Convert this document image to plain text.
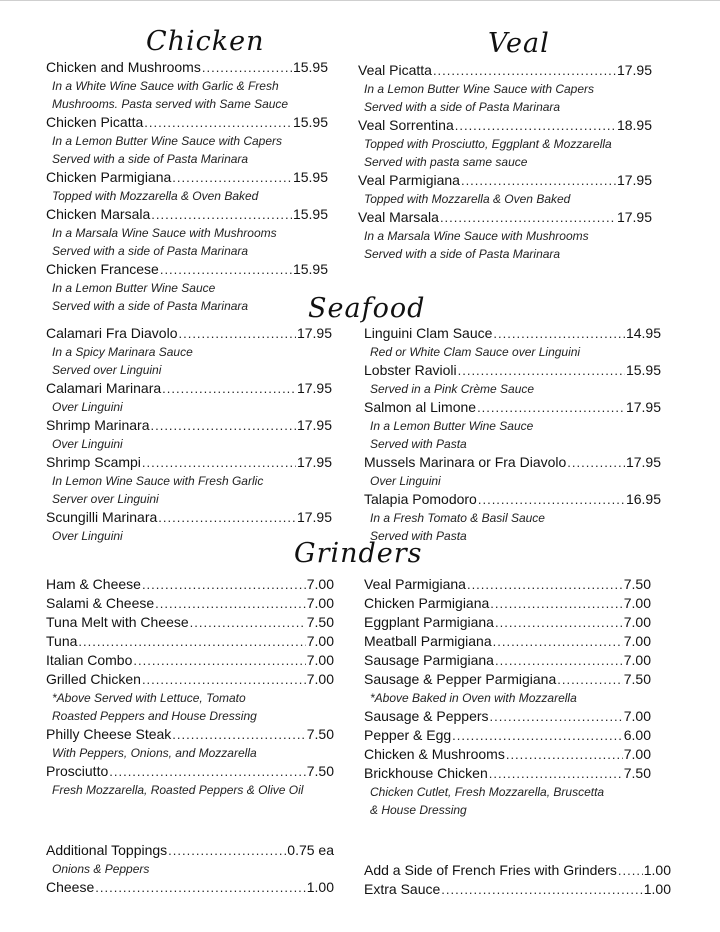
Chicken	Veal
Seafood
Grinders
Chicken and Mushrooms .....	15.95
In a White Wine Sauce with Garlic & Fresh
Mushrooms. Pasta served with Same Sauce
Chicken Picatta .....	15.95
In a Lemon Butter Wine Sauce with Capers
Served with a side of Pasta Marinara
Chicken Parmigiana .....	15.95
Topped with Mozzarella & Oven Baked
Chicken Marsala .....	15.95
In a Marsala Wine Sauce with Mushrooms
Served with a side of Pasta Marinara
Chicken Francese .....	15.95
In a Lemon Butter Wine Sauce
Served with a side of Pasta Marinara
Veal Picatta .....	17.95
In a Lemon Butter Wine Sauce with Capers
Served with a side of Pasta Marinara
Veal Sorrentina .....	18.95
Topped with Prosciutto, Eggplant & Mozzarella
Served with pasta same sauce
Veal Parmigiana .....	17.95
Topped with Mozzarella & Oven Baked
Veal Marsala .....	17.95
In a Marsala Wine Sauce with Mushrooms
Served with a side of Pasta Marinara
Calamari Fra Diavolo .....	17.95
In a Spicy Marinara Sauce
Served over Linguini
Calamari Marinara .....	17.95
Over Linguini
Shrimp Marinara .....	17.95
Over Linguini
Shrimp Scampi .....	17.95
In Lemon Wine Sauce with Fresh Garlic
Server over Linguini
Scungilli Marinara .....	17.95
Over Linguini
Linguini Clam Sauce .....	14.95
Red or White Clam Sauce over Linguini
Lobster Ravioli .....	15.95
Served in a Pink Crème Sauce
Salmon al Limone .....	17.95
In a Lemon Butter Wine Sauce
Served with Pasta
Mussels Marinara or Fra Diavolo .....	17.95
Over Linguini
Talapia Pomodoro .....	16.95
In a Fresh Tomato & Basil Sauce
Served with Pasta
Ham & Cheese .....	7.00
Salami & Cheese .....	7.00
Tuna Melt with Cheese .....	7.50
Tuna .....	7.00
Italian Combo .....	7.00
Grilled Chicken .....	7.00
*Above Served with Lettuce, Tomato
Roasted Peppers and House Dressing
Philly Cheese Steak .....	7.50
With Peppers, Onions, and Mozzarella
Prosciutto .....	7.50
Fresh Mozzarella, Roasted Peppers & Olive Oil
Veal Parmigiana .....	7.50
Chicken Parmigiana .....	7.00
Eggplant Parmigiana .....	7.00
Meatball Parmigiana .....	7.00
Sausage Parmigiana .....	7.00
Sausage & Pepper Parmigiana .....	7.50
*Above Baked in Oven with Mozzarella
Sausage & Peppers .....	7.00
Pepper & Egg .....	6.00
Chicken & Mushrooms .....	7.00
Brickhouse Chicken .....	7.50
Chicken Cutlet, Fresh Mozzarella, Bruscetta
& House Dressing
Additional Toppings .....	0.75 ea
Onions & Peppers
Cheese .....	1.00
Add a Side of French Fries with Grinders ..... 1.00
Extra Sauce .....	1.00
